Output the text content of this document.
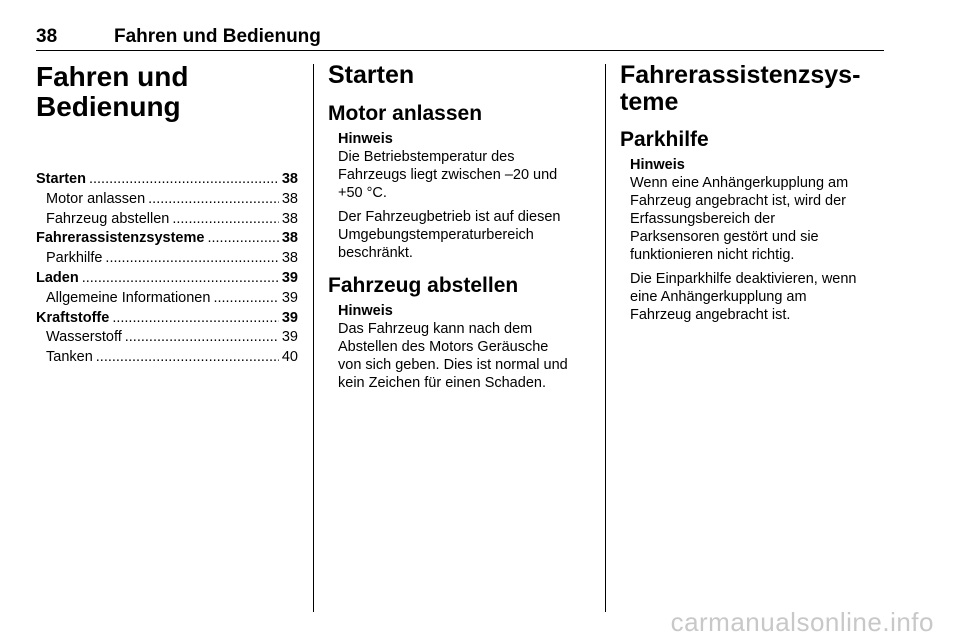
38	Fahren und Bedienung
Fahren und
Bedienung
Starten .....	38
Motor anlassen .....	38
Fahrzeug abstellen .....	38
Fahrerassistenzsysteme .....	38
Parkhilfe .....	38
Laden .....	39
Allgemeine Informationen .....	39
Kraftstoffe .....	39
Wasserstoff .....	39
Tanken .....	40
Starten
Motor anlassen
Hinweis

Die Betriebstemperatur des
Fahrzeugs liegt zwischen –20 und
+50 °C.

Der Fahrzeugbetrieb ist auf diesen
Umgebungstemperaturbereich
beschränkt.

Fahrzeug abstellen
Hinweis

Das Fahrzeug kann nach dem
Abstellen des Motors Geräusche
von sich geben. Dies ist normal und
kein Zeichen für einen Schaden.

Fahrerassistenzsys-
teme
Parkhilfe
Hinweis

Wenn eine Anhängerkupplung am
Fahrzeug angebracht ist, wird der
Erfassungsbereich der
Parksensoren gestört und sie
funktionieren nicht richtig.

Die Einparkhilfe deaktivieren, wenn
eine Anhängerkupplung am
Fahrzeug angebracht ist.

carmanualsonline.info
